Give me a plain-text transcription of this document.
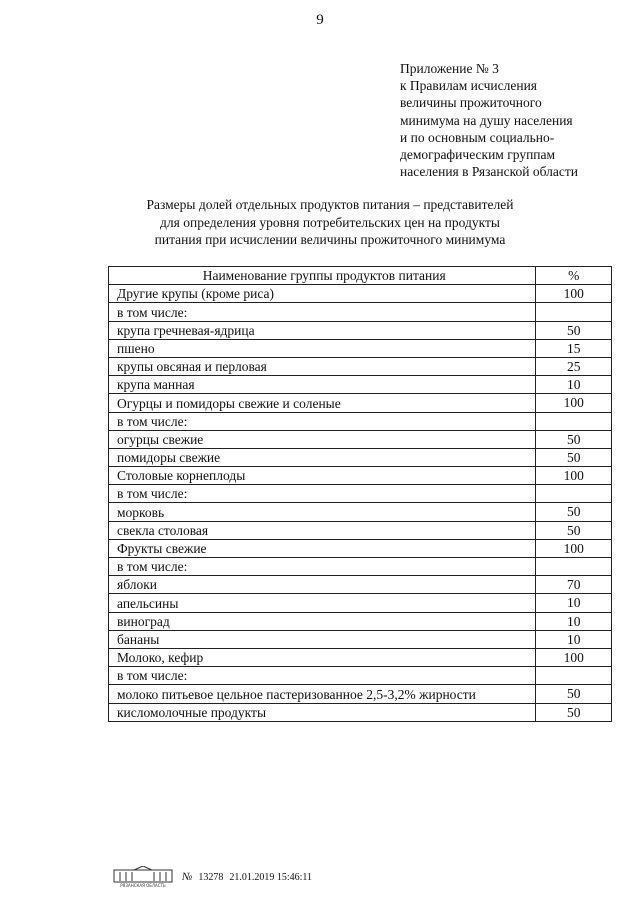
9
Приложение № 3
к Правилам исчисления
величины прожиточного
минимума на душу населения
и по основным социально-
демографическим группам
населения в Рязанской области
Размеры долей отдельных продуктов питания – представителей
для определения уровня потребительских цен на продукты
питания при исчислении величины прожиточного минимума
Наименование группы продуктов питания	%
Другие крупы (кроме риса)	100
в том числе:	
крупа гречневая-ядрица	50
пшено	15
крупы овсяная и перловая	25
крупа манная	10
Огурцы и помидоры свежие и соленые	100
в том числе:	
огурцы свежие	50
помидоры свежие	50
Столовые корнеплоды	100
в том числе:	
морковь	50
свекла столовая	50
Фрукты свежие	100
в том числе:	
яблоки	70
апельсины	10
виноград	10
бананы	10
Молоко, кефир	100
в том числе:	
молоко питьевое цельное пастеризованное 2,5-3,2% жирности	50
кисломолочные продукты	50
РЯЗАНСКАЯ ОБЛАСТЬ
№ 13278 21.01.2019 15:46:11
